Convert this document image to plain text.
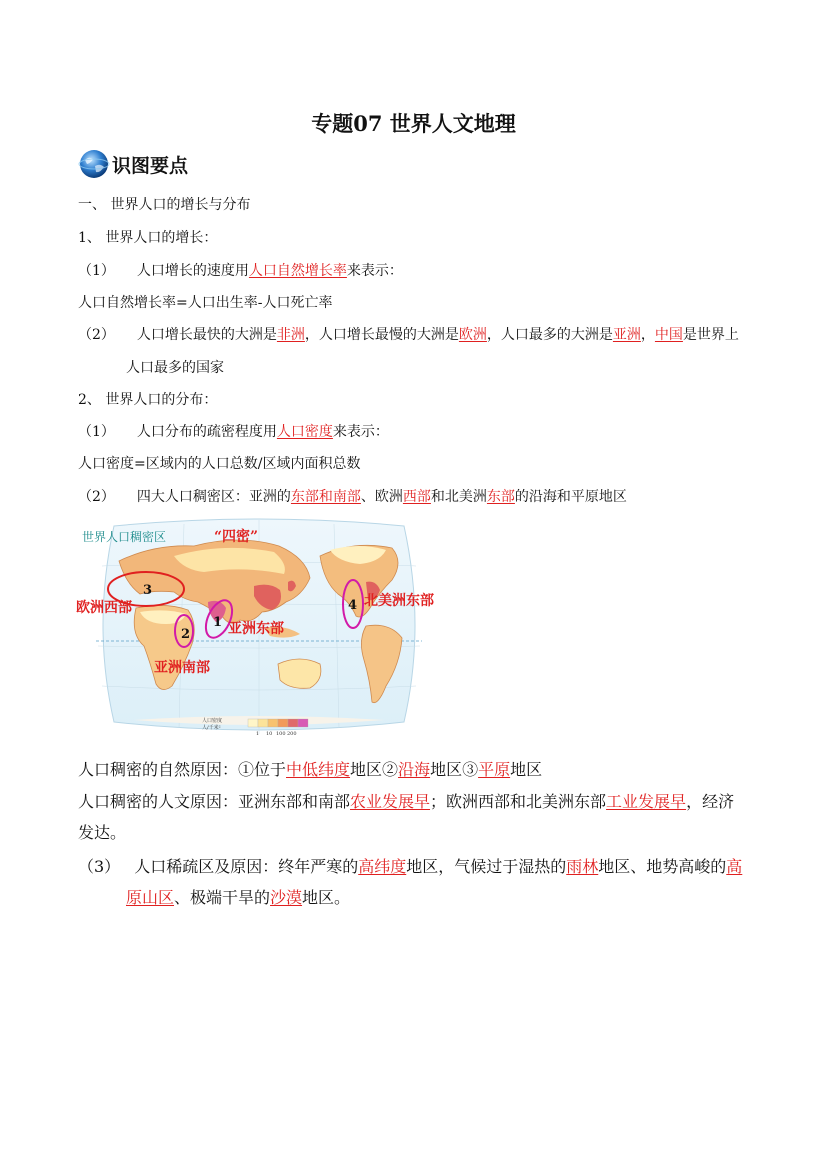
专题07 世界人文地理
识图要点
一、 世界人口的增长与分布
1、 世界人口的增长：
（1） 人口增长的速度用人口自然增长率来表示：
人口自然增长率=人口出生率-人口死亡率
（2） 人口增长最快的大洲是非洲，人口增长最慢的大洲是欧洲，人口最多的大洲是亚洲，中国是世界上
人口最多的国家
2、 世界人口的分布：
（1） 人口分布的疏密程度用人口密度来表示：
人口密度=区域内的人口总数/区域内面积总数
（2） 四大人口稠密区：亚洲的东部和南部、欧洲西部和北美洲东部的沿海和平原地区
世界人口稠密区	“四密”
3
2
1
4
欧洲西部
亚洲东部
亚洲南部
北美洲东部
人口密度
人/千米²
1 10 100 200
人口稠密的自然原因：①位于中低纬度地区②沿海地区③平原地区
人口稠密的人文原因：亚洲东部和南部农业发展早；欧洲西部和北美洲东部工业发展早，经济
发达。
（3） 人口稀疏区及原因：终年严寒的高纬度地区，气候过于湿热的雨林地区、地势高峻的高
原山区、极端干旱的沙漠地区。
